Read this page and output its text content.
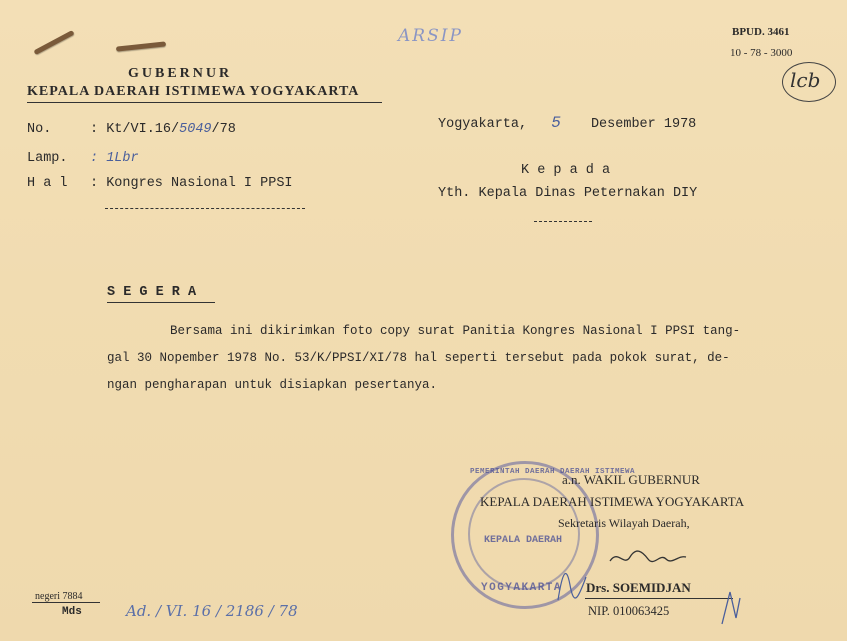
ARSIP	BPUD. 3461
10 - 78 - 3000
lcb
GUBERNUR
KEPALA DAERAH ISTIMEWA YOGYAKARTA
No.	: Kt/VI.16/5049/78
Lamp. : 1Lbr
H a l : Kongres Nasional I PPSI
Yogyakarta, 5 Desember 1978
K e p a d a
Yth. Kepala Dinas Peternakan DIY
S E G E R A
Bersama ini dikirimkan foto copy surat Panitia Kongres Nasional I PPSI tang-
gal 30 Nopember 1978 No. 53/K/PPSI/XI/78 hal seperti tersebut pada pokok surat, de-
ngan pengharapan untuk disiapkan pesertanya.
PEMERINTAH DAERAH DAERAH ISTIMEWA
KEPALA DAERAH
YOGYAKARTA
a.n. WAKIL GUBERNUR
KEPALA DAERAH ISTIMEWA YOGYAKARTA
Sekretaris Wilayah Daerah,
Drs. SOEMIDJAN
NIP. 010063425
negeri 7884
Mds	Ad. / VI. 16 / 2186 / 78
